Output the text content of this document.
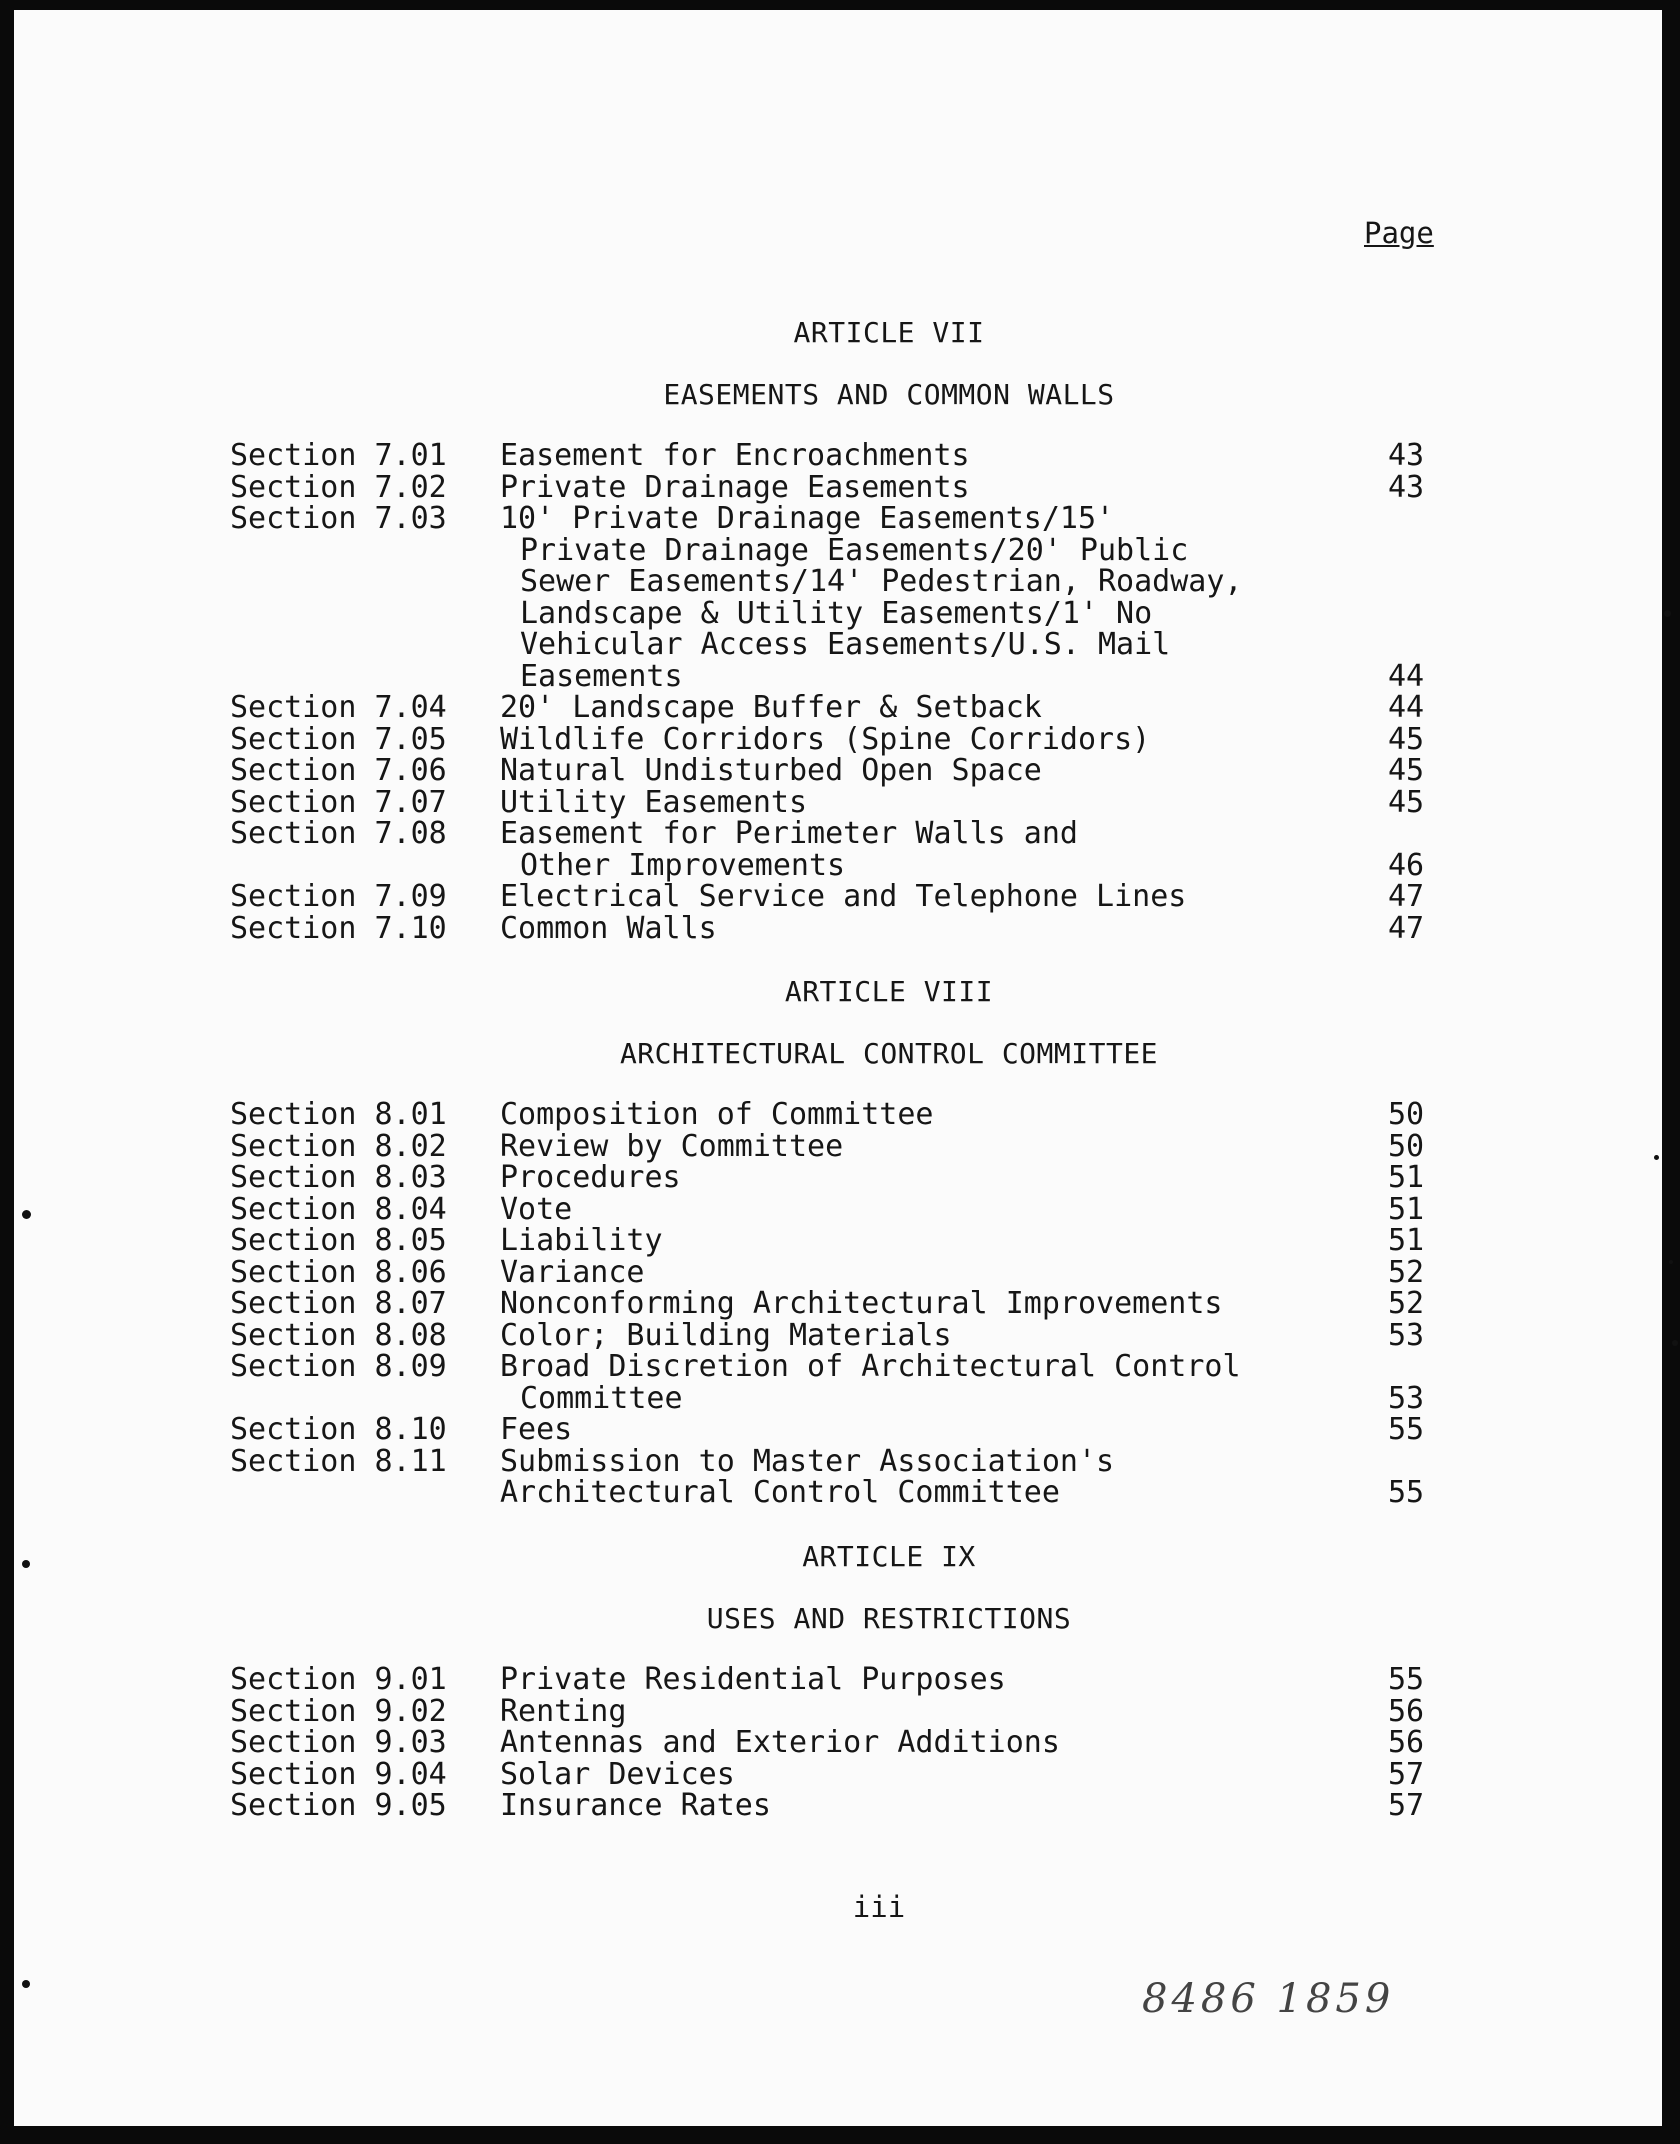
Page
ARTICLE VII
EASEMENTS AND COMMON WALLS
Section 7.01 Easement for Encroachments	43
Section 7.02 Private Drainage Easements	43
Section 7.03 10' Private Drainage Easements/15'
Private Drainage Easements/20' Public
Sewer Easements/14' Pedestrian, Roadway,
Landscape & Utility Easements/1' No
Vehicular Access Easements/U.S. Mail
Easements	44
Section 7.04 20' Landscape Buffer & Setback	44
Section 7.05 Wildlife Corridors (Spine Corridors)	45
Section 7.06 Natural Undisturbed Open Space	45
Section 7.07 Utility Easements	45
Section 7.08 Easement for Perimeter Walls and
Other Improvements	46
Section 7.09 Electrical Service and Telephone Lines	47
Section 7.10 Common Walls	47
ARTICLE VIII
ARCHITECTURAL CONTROL COMMITTEE
Section 8.01 Composition of Committee	50
Section 8.02 Review by Committee	50
Section 8.03 Procedures	51
Section 8.04 Vote	51
Section 8.05 Liability	51
Section 8.06 Variance	52
Section 8.07 Nonconforming Architectural Improvements	52
Section 8.08 Color; Building Materials	53
Section 8.09 Broad Discretion of Architectural Control
Committee	53
Section 8.10 Fees	55
Section 8.11 Submission to Master Association's
Architectural Control Committee	55
ARTICLE IX
USES AND RESTRICTIONS
Section 9.01 Private Residential Purposes	55
Section 9.02 Renting	56
Section 9.03 Antennas and Exterior Additions	56
Section 9.04 Solar Devices	57
Section 9.05 Insurance Rates	57
iii
8486 1859
